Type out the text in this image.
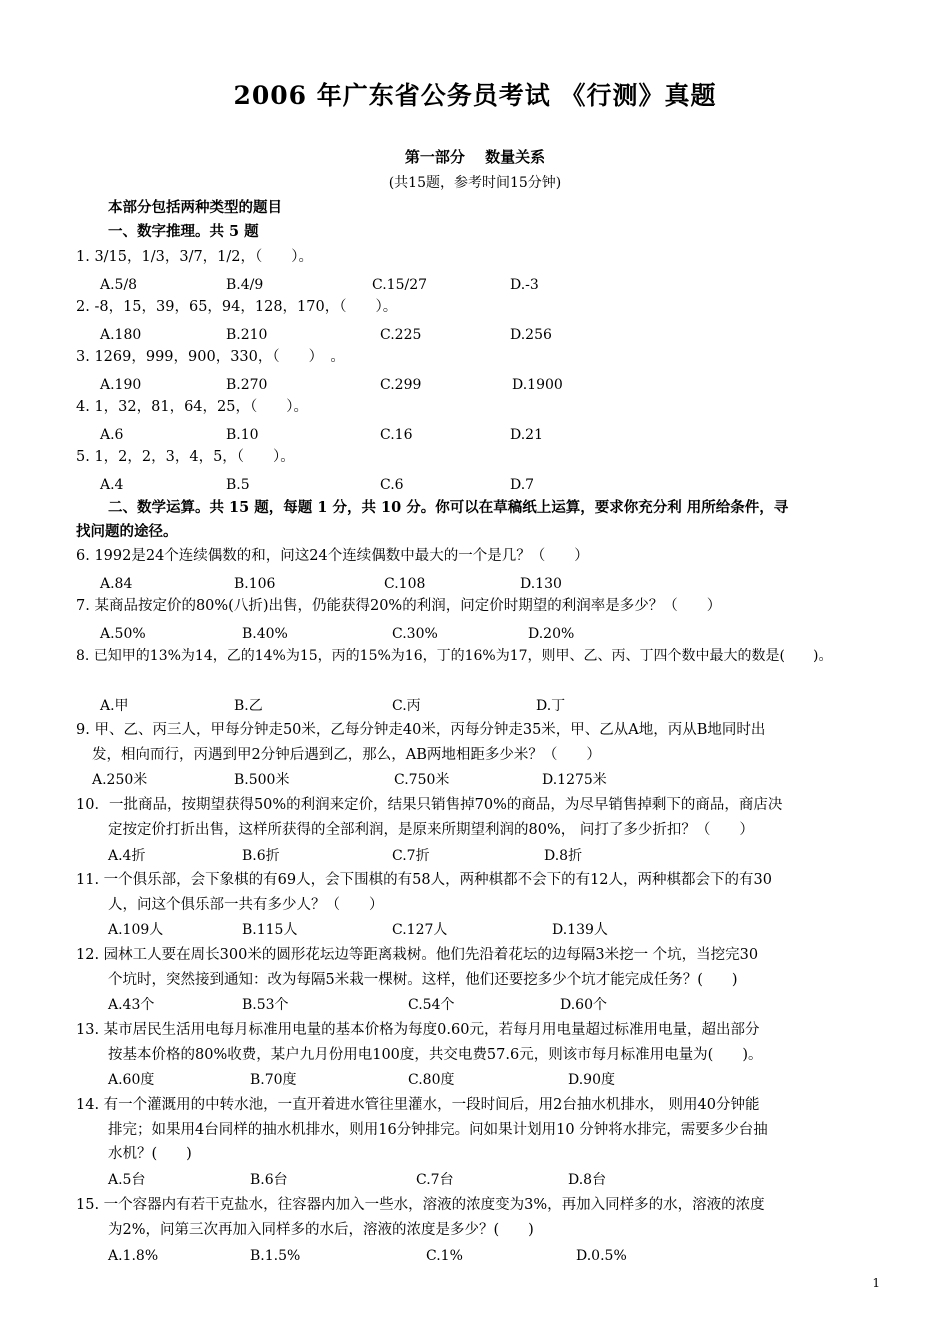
2006 年广东省公务员考试 《行测》真题
第一部分　 数量关系
(共15题，参考时间15分钟)
本部分包括两种类型的题目
一、数字推理。共 5 题
1. 3/15，1/3，3/7，1/2，（　　）。
A.5/8	B.4/9	C.15/27	D.-3
2. -8，15，39，65，94，128，170，（　　）。
A.180	B.210	C.225	D.256
3. 1269，999，900，330，（　　）　。
A.190	B.270	C.299	D.1900
4. 1，32，81，64，25，（　　）。
A.6	B.10	C.16	D.21
5. 1，2，2，3，4，5，（　　）。
A.4	B.5	C.6	D.7
二、数学运算。共 15 题，每题 1 分，共 10 分。你可以在草稿纸上运算，要求你充分利 用所给条件，寻
找问题的途径。
6. 1992是24个连续偶数的和，问这24个连续偶数中最大的一个是几？（　　）
A.84	B.106	C.108	D.130
7. 某商品按定价的80%(八折)出售，仍能获得20%的利润，问定价时期望的利润率是多少？（　　）
A.50%	B.40%	C.30%	D.20%
8. 已知甲的13%为14，乙的14%为15，丙的15%为16，丁的16%为17，则甲、乙、丙、丁四个数中最大的数是(　　)。
A.甲	B.乙	C.丙	D.丁
9. 甲、乙、丙三人，甲每分钟走50米，乙每分钟走40米，丙每分钟走35米，甲、乙从A地，丙从B地同时出
发，相向而行，丙遇到甲2分钟后遇到乙，那么，AB两地相距多少米？（　　）
A.250米	B.500米	C.750米	D.1275米
10．一批商品，按期望获得50%的利润来定价，结果只销售掉70%的商品，为尽早销售掉剩下的商品，商店决
定按定价打折出售，这样所获得的全部利润，是原来所期望利润的80%， 问打了多少折扣？（　　）
A.4折	B.6折	C.7折	D.8折
11. 一个俱乐部，会下象棋的有69人，会下围棋的有58人，两种棋都不会下的有12人，两种棋都会下的有30
人，问这个俱乐部一共有多少人？（　　）
A.109人	B.115人	C.127人	D.139人
12. 园林工人要在周长300米的圆形花坛边等距离栽树。他们先沿着花坛的边每隔3米挖一 个坑，当挖完30
个坑时，突然接到通知：改为每隔5米栽一棵树。这样，他们还要挖多少个坑才能完成任务？(　　)
A.43个	B.53个	C.54个	D.60个
13. 某市居民生活用电每月标准用电量的基本价格为每度0.60元，若每月用电量超过标准用电量，超出部分
按基本价格的80%收费，某户九月份用电100度，共交电费57.6元，则该市每月标准用电量为(　　)。
A.60度	B.70度	C.80度	D.90度
14. 有一个灌溉用的中转水池，一直开着进水管往里灌水，一段时间后，用2台抽水机排水， 则用40分钟能
排完；如果用4台同样的抽水机排水，则用16分钟排完。问如果计划用10 分钟将水排完，需要多少台抽
水机？(　　)
A.5台	B.6台	C.7台	D.8台
15. 一个容器内有若干克盐水，往容器内加入一些水，溶液的浓度变为3%，再加入同样多的水，溶液的浓度
为2%，问第三次再加入同样多的水后，溶液的浓度是多少？(　　)
A.1.8%	B.1.5%	C.1%	D.0.5%
1
